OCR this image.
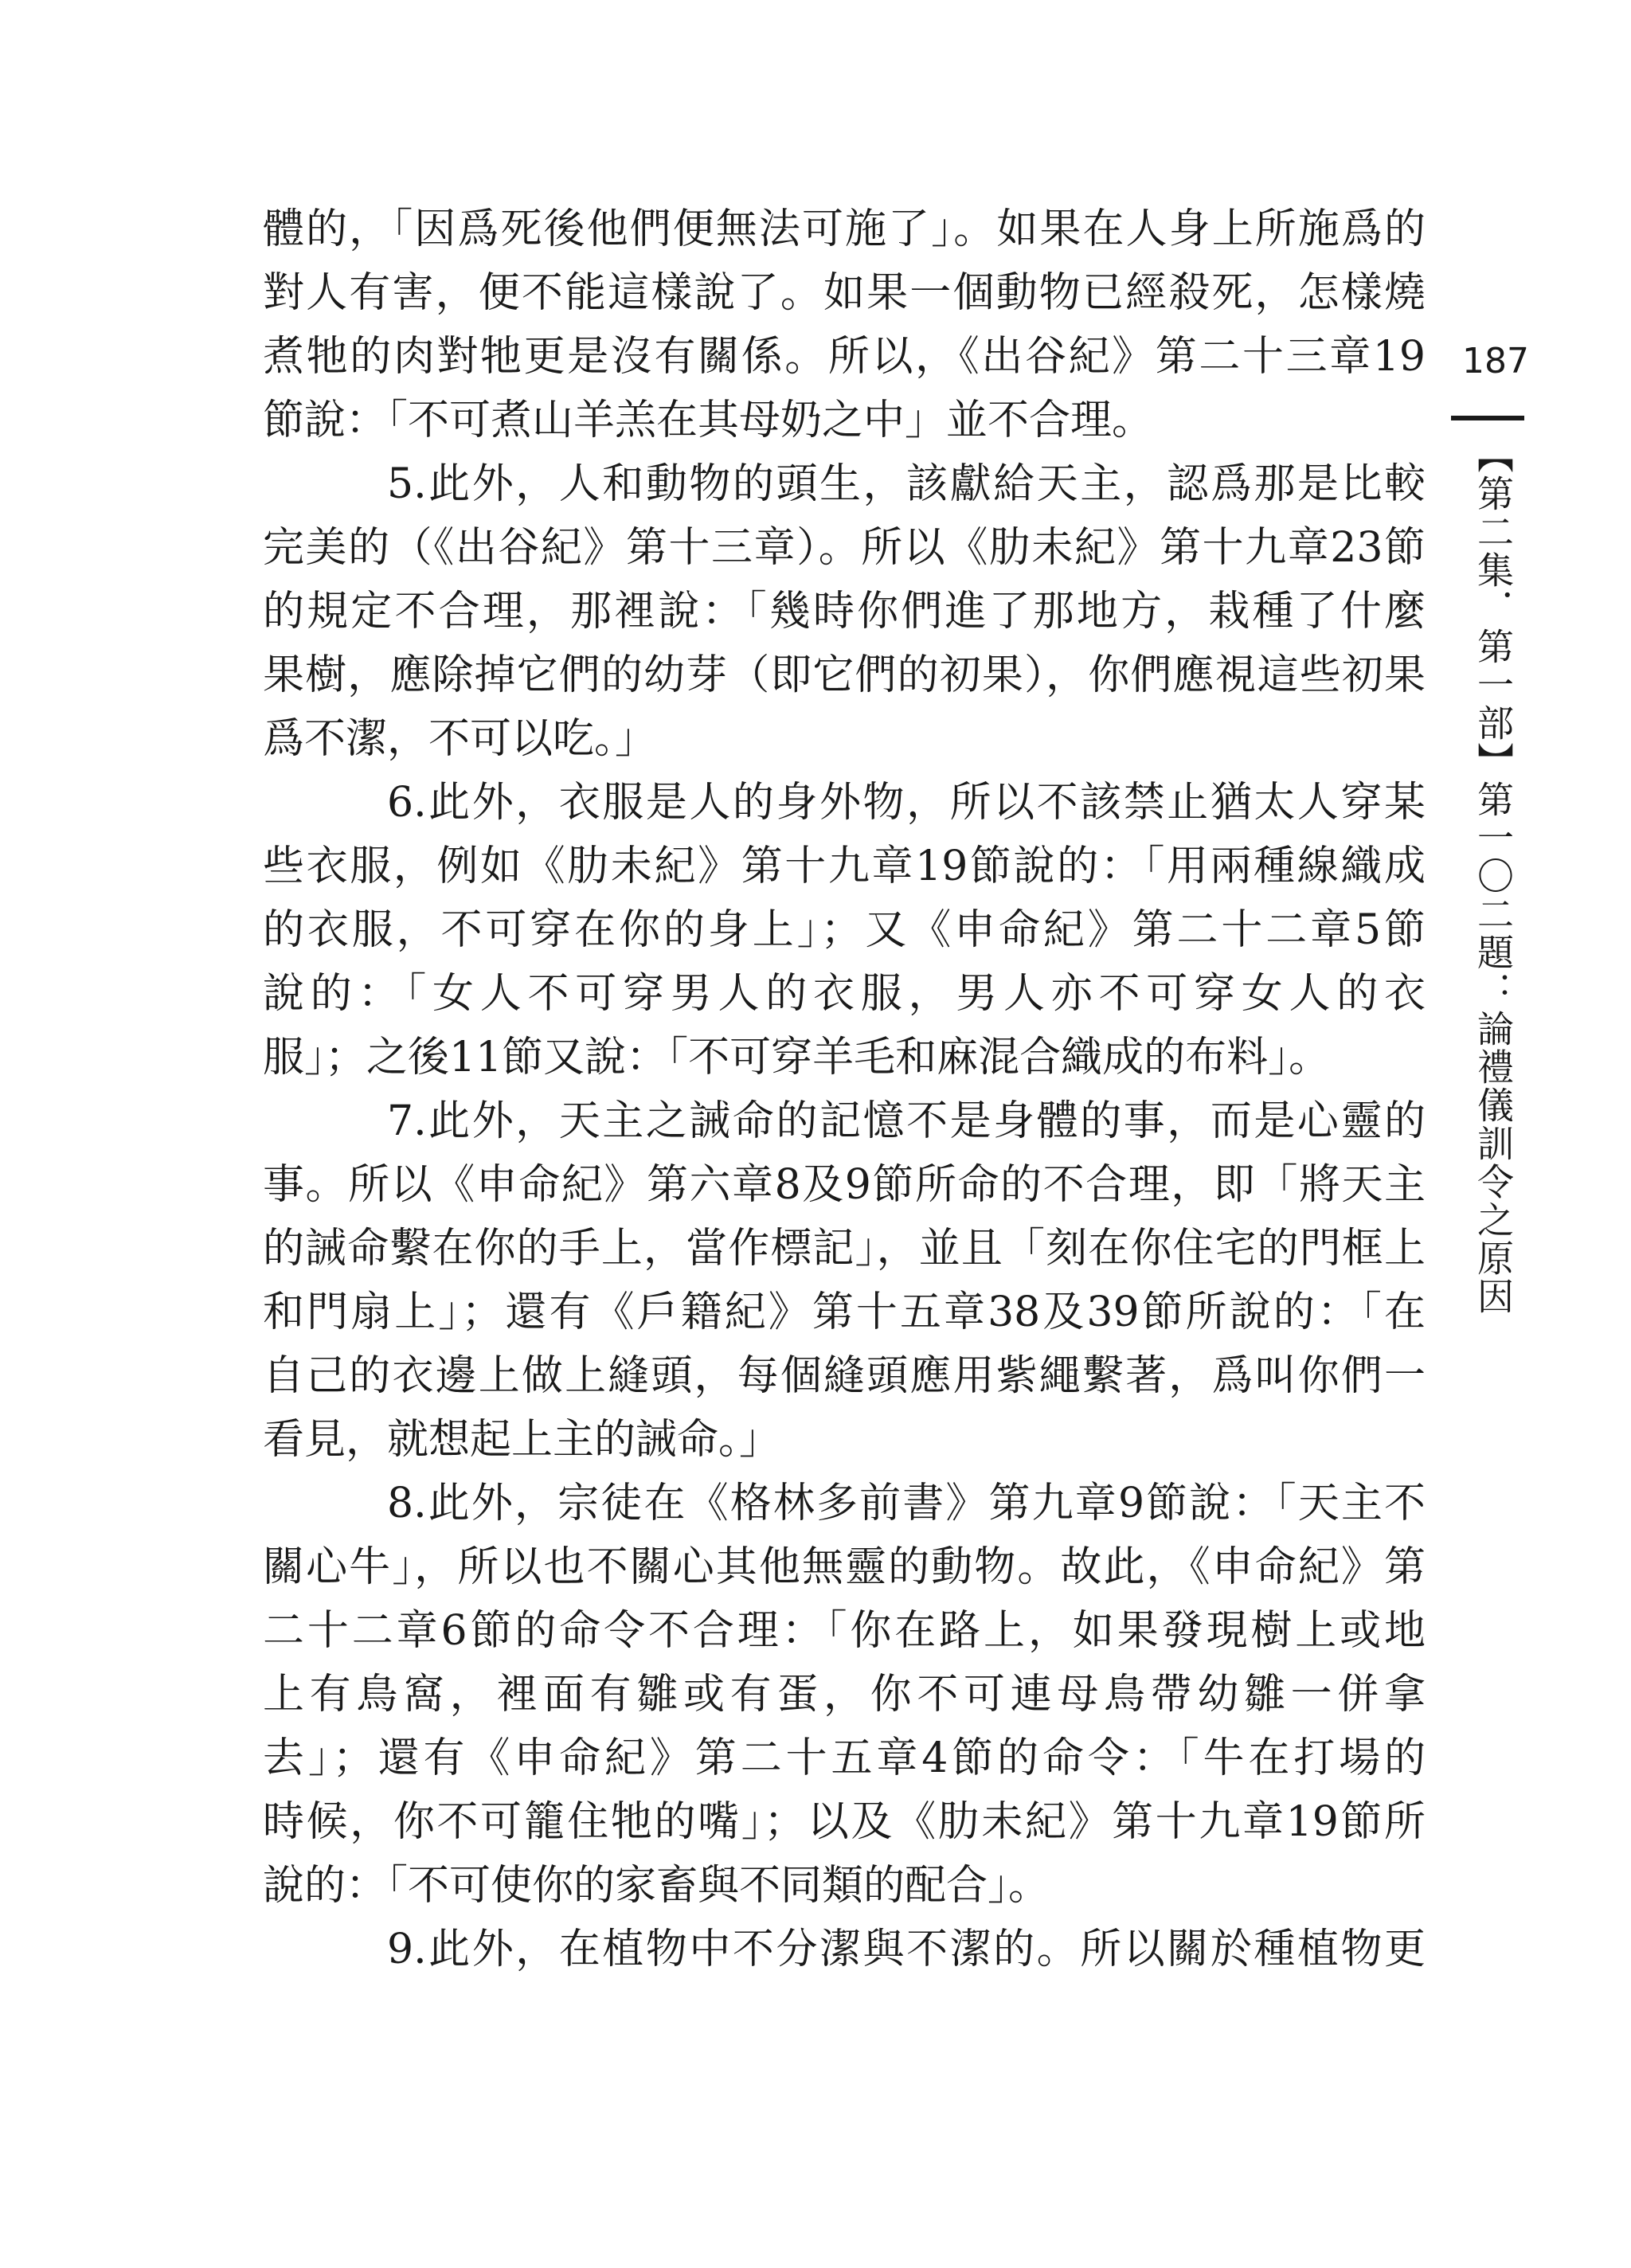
體的，「因爲死後他們便無法可施了」。如果在人身上所施爲的
對人有害，便不能這樣說了。如果一個動物已經殺死，怎樣燒
煮牠的肉對牠更是沒有關係。所以，《出谷紀》第二十三章19
節說：「不可煮山羊羔在其母奶之中」並不合理。
5.此外，人和動物的頭生，該獻給天主，認爲那是比較
完美的（《出谷紀》第十三章）。所以《肋未紀》第十九章23節
的規定不合理，那裡說：「幾時你們進了那地方，栽種了什麼
果樹，應除掉它們的幼芽（即它們的初果），你們應視這些初果
爲不潔，不可以吃。」
6.此外，衣服是人的身外物，所以不該禁止猶太人穿某
些衣服，例如《肋未紀》第十九章19節說的：「用兩種線織成
的衣服，不可穿在你的身上」；又《申命紀》第二十二章5節
說的：「女人不可穿男人的衣服，男人亦不可穿女人的衣
服」；之後11節又說：「不可穿羊毛和麻混合織成的布料」。
7.此外，天主之誡命的記憶不是身體的事，而是心靈的
事。所以《申命紀》第六章8及9節所命的不合理，即「將天主
的誡命繫在你的手上，當作標記」，並且「刻在你住宅的門框上
和門扇上」；還有《戶籍紀》第十五章38及39節所說的：「在
自己的衣邊上做上縫頭，每個縫頭應用紫繩繫著，爲叫你們一
看見，就想起上主的誡命。」
8.此外，宗徒在《格林多前書》第九章9節說：「天主不
關心牛」，所以也不關心其他無靈的動物。故此，《申命紀》第
二十二章6節的命令不合理：「你在路上，如果發現樹上或地
上有鳥窩，裡面有雛或有蛋，你不可連母鳥帶幼雛一併拿
去」；還有《申命紀》第二十五章4節的命令：「牛在打場的
時候，你不可籠住牠的嘴」；以及《肋未紀》第十九章19節所
說的：「不可使你的家畜與不同類的配合」。
9.此外，在植物中不分潔與不潔的。所以關於種植物更
187
【第二集．第一部】第一〇二題：論禮儀訓令之原因
